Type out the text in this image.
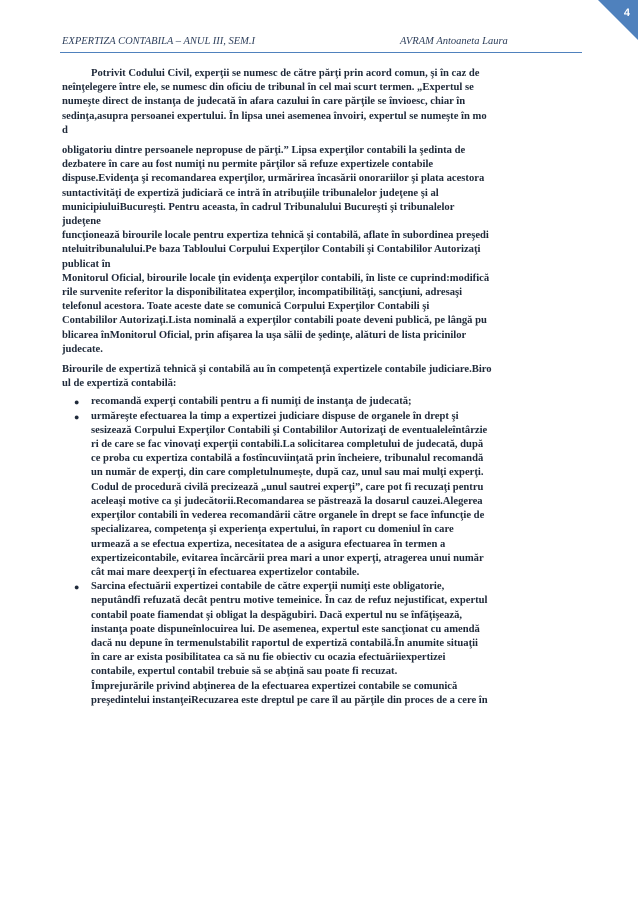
4
EXPERTIZA CONTABILA – ANUL III, SEM.I	AVRAM Antoaneta Laura
Potrivit Codului Civil, experţii se numesc de către părţi prin acord comun, şi în caz de
neînţelegere între ele, se numesc din oficiu de tribunal în cel mai scurt termen. „Expertul se
numeşte direct de instanţa de judecată în afara cazului în care părţile se învioesc, chiar în
sedinţa,asupra persoanei expertului. În lipsa unei asemenea învoiri, expertul se numeşte în mo
d
obligatoriu dintre persoanele nepropuse de părţi.” Lipsa experţilor contabili la şedinta de
dezbatere în care au fost numiţi nu permite părţilor să refuze expertizele contabile
dispuse.Evidenţa şi recomandarea experţilor, urmărirea încasării onorariilor şi plata acestora
suntactivităţi de expertiză judiciară ce intră în atribuţiile tribunalelor judeţene şi al
municipiuluiBucureşti. Pentru aceasta, în cadrul Tribunalului Bucureşti şi tribunalelor
judeţene
funcţionează birourile locale pentru expertiza tehnică şi contabilă, aflate în subordinea preşedi
nteluitribunalului.Pe baza Tabloului Corpului Experţilor Contabili şi Contabililor Autorizaţi
publicat în
Monitorul Oficial, birourile locale ţin evidenţa experţilor contabili, în liste ce cuprind:modifică
rile survenite referitor la disponibilitatea experţilor, incompatibilităţi, sancţiuni, adresaşi
telefonul acestora. Toate aceste date se comunică Corpului Experţilor Contabili şi
Contabililor Autorizaţi.Lista nominală a experţilor contabili poate deveni publică, pe lângă pu
blicarea înMonitorul Oficial, prin afişarea la uşa sălii de şedinţe, alături de lista pricinilor
judecate.
Birourile de expertiză tehnică şi contabilă au în competenţă expertizele contabile judiciare.Biro
ul de expertiză contabilă:
● recomandă experţi contabili pentru a fi numiţi de instanţa de judecată;
● urmăreşte efectuarea la timp a expertizei judiciare dispuse de organele în drept şi
sesizează Corpului Experţilor Contabili şi Contabililor Autorizaţi de eventualeleîntârzie
ri de care se fac vinovaţi experţii contabili.La solicitarea completului de judecată, după
ce proba cu expertiza contabilă a fostîncuviinţată prin încheiere, tribunalul recomandă
un număr de experţi, din care completulnumeşte, după caz, unul sau mai mulţi experţi.
Codul de procedură civilă precizează „unul sautrei experţi”, care pot fi recuzaţi pentru
aceleaşi motive ca şi judecătorii.Recomandarea se păstrează la dosarul cauzei.Alegerea
experţilor contabili în vederea recomandării către organele în drept se face înfuncţie de
specializarea, competenţa şi experienţa expertului, în raport cu domeniul în care
urmează a se efectua expertiza, necesitatea de a asigura efectuarea în termen a
expertizeicontabile, evitarea încărcării prea mari a unor experţi, atragerea unui număr
cât mai mare deexperţi în efectuarea expertizelor contabile.
● Sarcina efectuării expertizei contabile de către experţii numiţi este obligatorie,
neputândfi refuzată decât pentru motive temeinice. În caz de refuz nejustificat, expertul
contabil poate fiamendat şi obligat la despăgubiri. Dacă expertul nu se înfăţişează,
instanţa poate dispuneînlocuirea lui. De asemenea, expertul este sancţionat cu amendă
dacă nu depune în termenulstabilit raportul de expertiză contabilă.În anumite situaţii
în care ar exista posibilitatea ca să nu fie obiectiv cu ocazia efectuăriiexpertizei
contabile, expertul contabil trebuie să se abţină sau poate fi recuzat.
Împrejurările privind abţinerea de la efectuarea expertizei contabile se comunică
preşedintelui instanţeiRecuzarea este dreptul pe care îl au părţile din proces de a cere în
